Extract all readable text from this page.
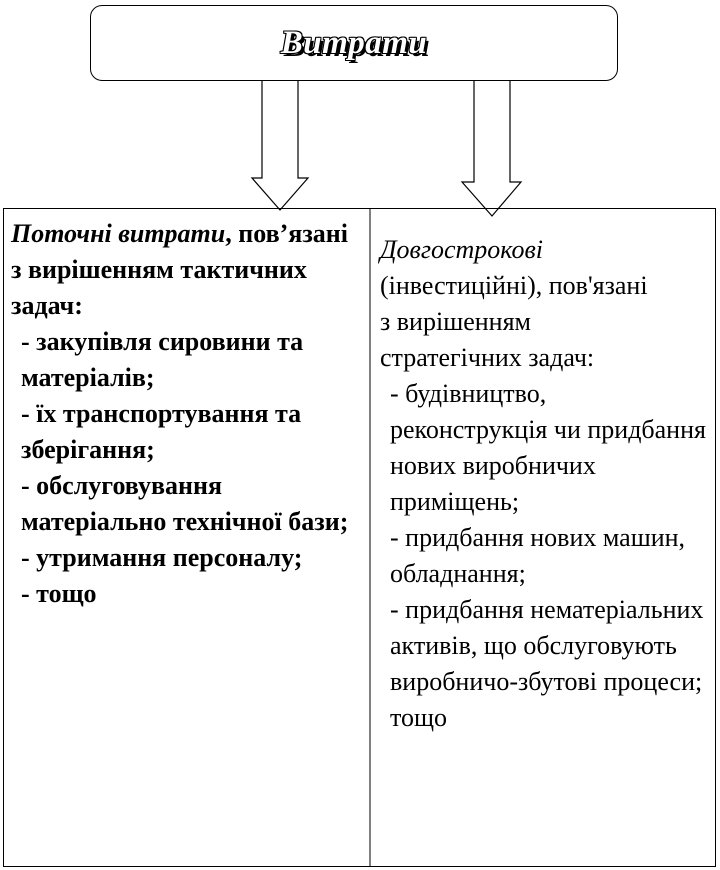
Витрати
Поточні витрати, пов’язані з вирішенням тактичних задач:
- закупівля сировини та матеріалів;
- їх транспортування та зберігання;
- обслуговування матеріально технічної бази;
- утримання персоналу;
- тощо
Довгострокові
(інвестиційні), пов'язані
з вирішенням
стратегічних задач:
- будівництво, реконструкція чи придбання нових виробничих приміщень;
- придбання нових машин, обладнання;
- придбання нематеріальних активів, що обслуговують виробничо-збутові процеси; тощо
